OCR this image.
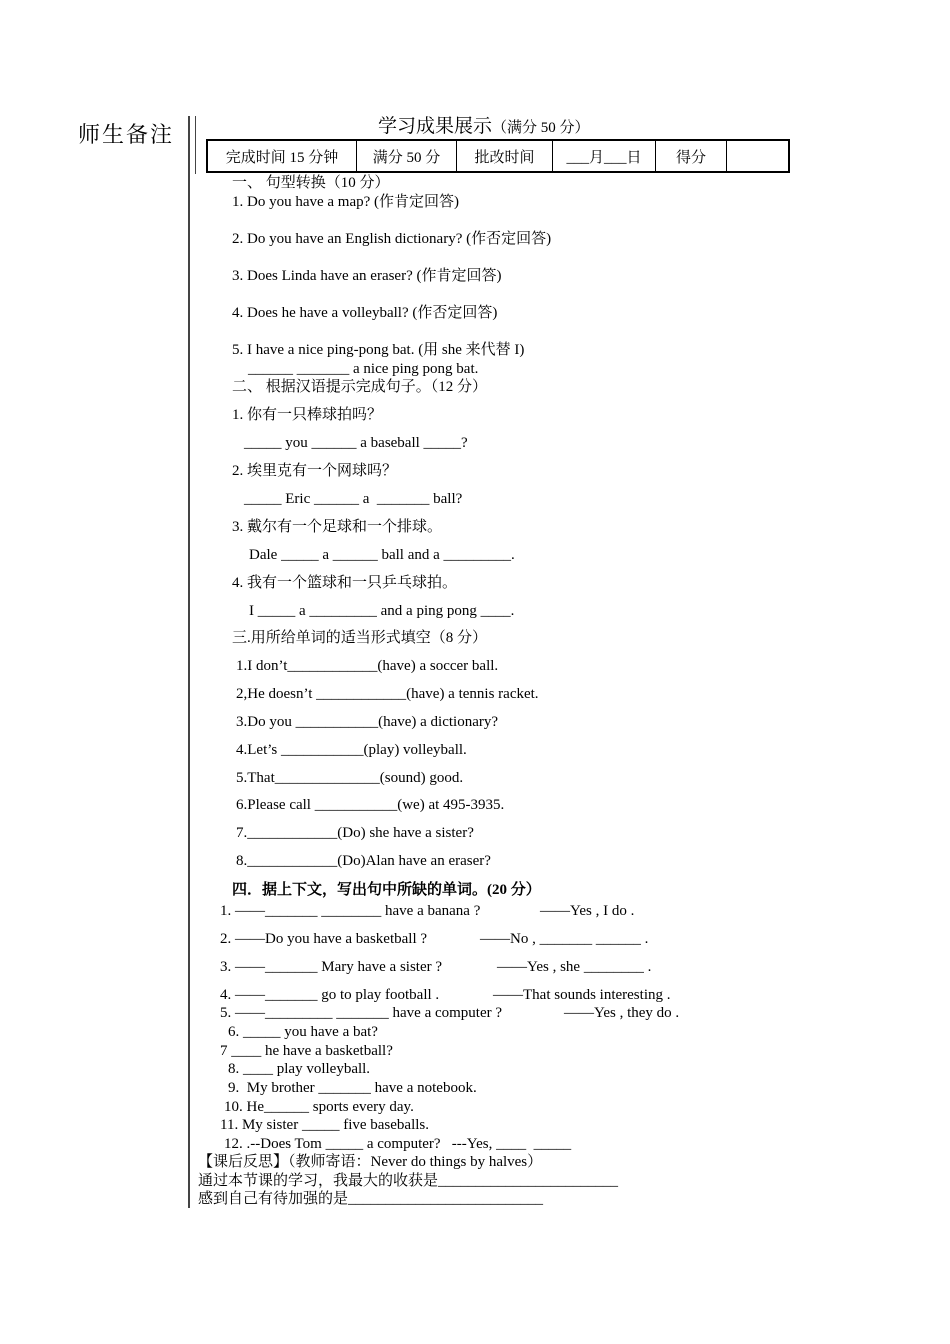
师生备注	学习成果展示（满分 50 分）
完成时间 15 分钟	满分 50 分	批改时间	___月___日	得分	
一、 句型转换（10 分）
1. Do you have a map? (作肯定回答)
2. Do you have an English dictionary? (作否定回答)
3. Does Linda have an eraser? (作肯定回答)
4. Does he have a volleyball? (作否定回答)
5. I have a nice ping-pong bat. (用 she 来代替 I)
______ _______ a nice ping pong bat.
二、 根据汉语提示完成句子。（12 分）
1. 你有一只棒球拍吗？
_____ you ______ a baseball _____?
2. 埃里克有一个网球吗？
_____ Eric ______ a  _______ ball?
3. 戴尔有一个足球和一个排球。
Dale _____ a ______ ball and a _________.
4. 我有一个篮球和一只乒乓球拍。
I _____ a _________ and a ping pong ____.
三.用所给单词的适当形式填空（8 分）
1.I don’t____________(have) a soccer ball.
2,He doesn’t ____________(have) a tennis racket.
3.Do you ___________(have) a dictionary?
4.Let’s ___________(play) volleyball.
5.That______________(sound) good.
6.Please call ___________(we) at 495-3935.
7.____________(Do) she have a sister?
8.____________(Do)Alan have an eraser?
四．据上下文，写出句中所缺的单词。(20 分）
1. ——_______ ________ have a banana ?	——Yes , I do .
2. ——Do you have a basketball ?	——No , _______ ______ .
3. ——_______ Mary have a sister ?	——Yes , she ________ .
4. ——_______ go to play football .	——That sounds interesting .
5. ——_________ _______ have a computer ?	——Yes , they do .
6. _____ you have a bat?
7 ____ he have a basketball?
8. ____ play volleyball.
9.  My brother _______ have a notebook.
10. He______ sports every day.
11. My sister _____ five baseballs.
12. .--Does Tom _____ a computer?   ---Yes, ____  _____
【课后反思】（教师寄语：Never do things by halves）
通过本节课的学习，我最大的收获是________________________
感到自己有待加强的是__________________________
